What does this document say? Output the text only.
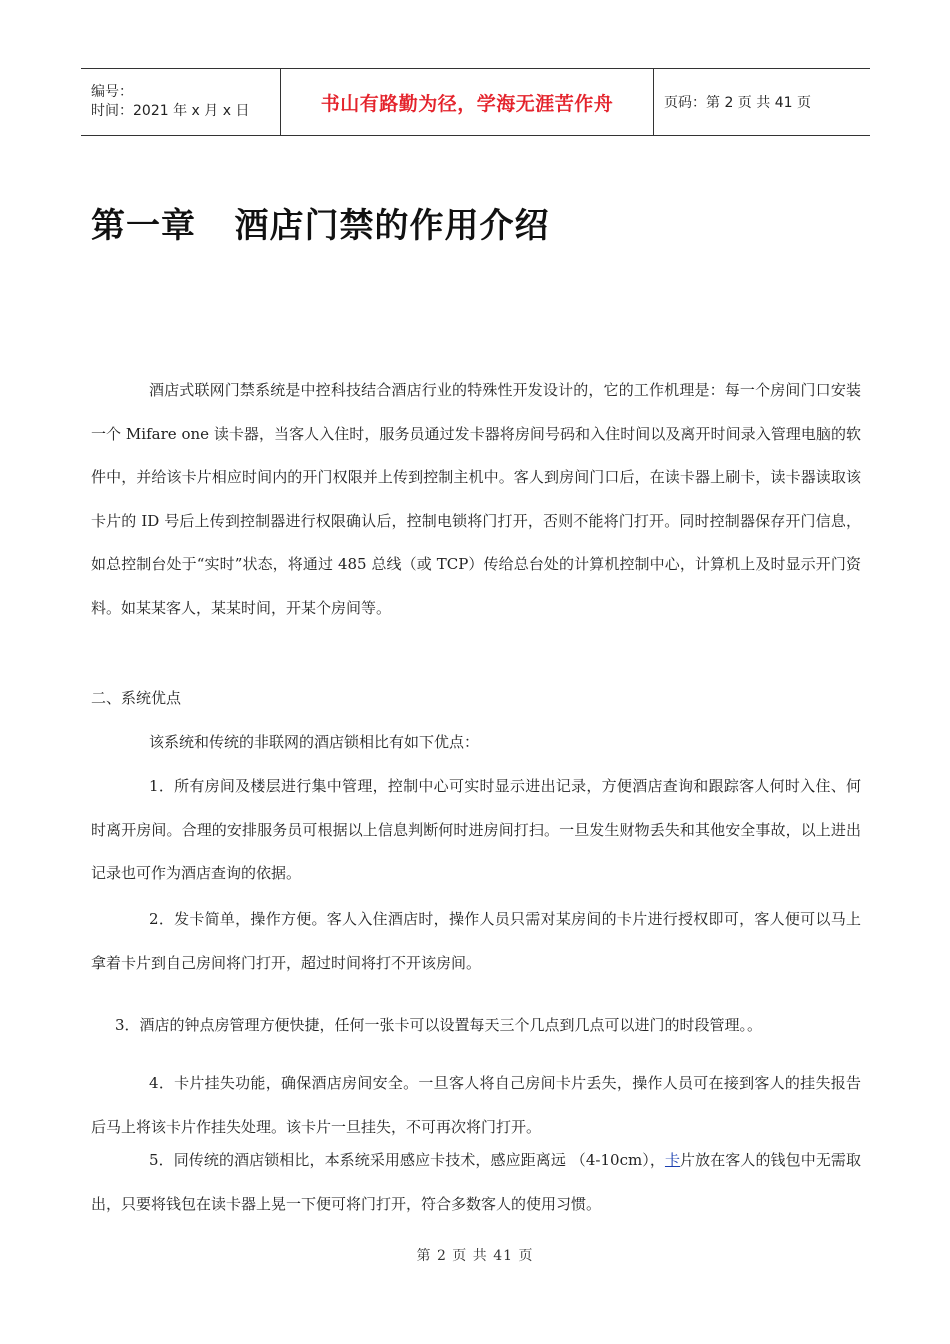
编号：
时间：2021 年 x 月 x 日	书山有路勤为径，学海无涯苦作舟	页码：第 2 页 共 41 页
第一章   酒店门禁的作用介绍

酒店式联网门禁系统是中控科技结合酒店行业的特殊性开发设计的，它的工作机理是：每一个房间门口安装一个 Mifare one 读卡器，当客人入住时，服务员通过发卡器将房间号码和入住时间以及离开时间录入管理电脑的软件中，并给该卡片相应时间内的开门权限并上传到控制主机中。客人到房间门口后，在读卡器上刷卡，读卡器读取该卡片的 ID 号后上传到控制器进行权限确认后，控制电锁将门打开，否则不能将门打开。同时控制器保存开门信息，如总控制台处于“实时”状态，将通过 485 总线（或 TCP）传给总台处的计算机控制中心，计算机上及时显示开门资料。如某某客人，某某时间，开某个房间等。

二、系统优点

该系统和传统的非联网的酒店锁相比有如下优点：

1．所有房间及楼层进行集中管理，控制中心可实时显示进出记录，方便酒店查询和跟踪客人何时入住、何时离开房间。合理的安排服务员可根据以上信息判断何时进房间打扫。一旦发生财物丢失和其他安全事故，以上进出记录也可作为酒店查询的依据。

2．发卡简单，操作方便。客人入住酒店时，操作人员只需对某房间的卡片进行授权即可，客人便可以马上拿着卡片到自己房间将门打开，超过时间将打不开该房间。

3．酒店的钟点房管理方便快捷，任何一张卡可以设置每天三个几点到几点可以进门的时段管理。。

4．卡片挂失功能，确保酒店房间安全。一旦客人将自己房间卡片丢失，操作人员可在接到客人的挂失报告后马上将该卡片作挂失处理。该卡片一旦挂失，不可再次将门打开。

5．同传统的酒店锁相比，本系统采用感应卡技术，感应距离远 （4-10cm），卡片放在客人的钱包中无需取出，只要将钱包在读卡器上晃一下便可将门打开，符合多数客人的使用习惯。

第 2 页 共 41 页
